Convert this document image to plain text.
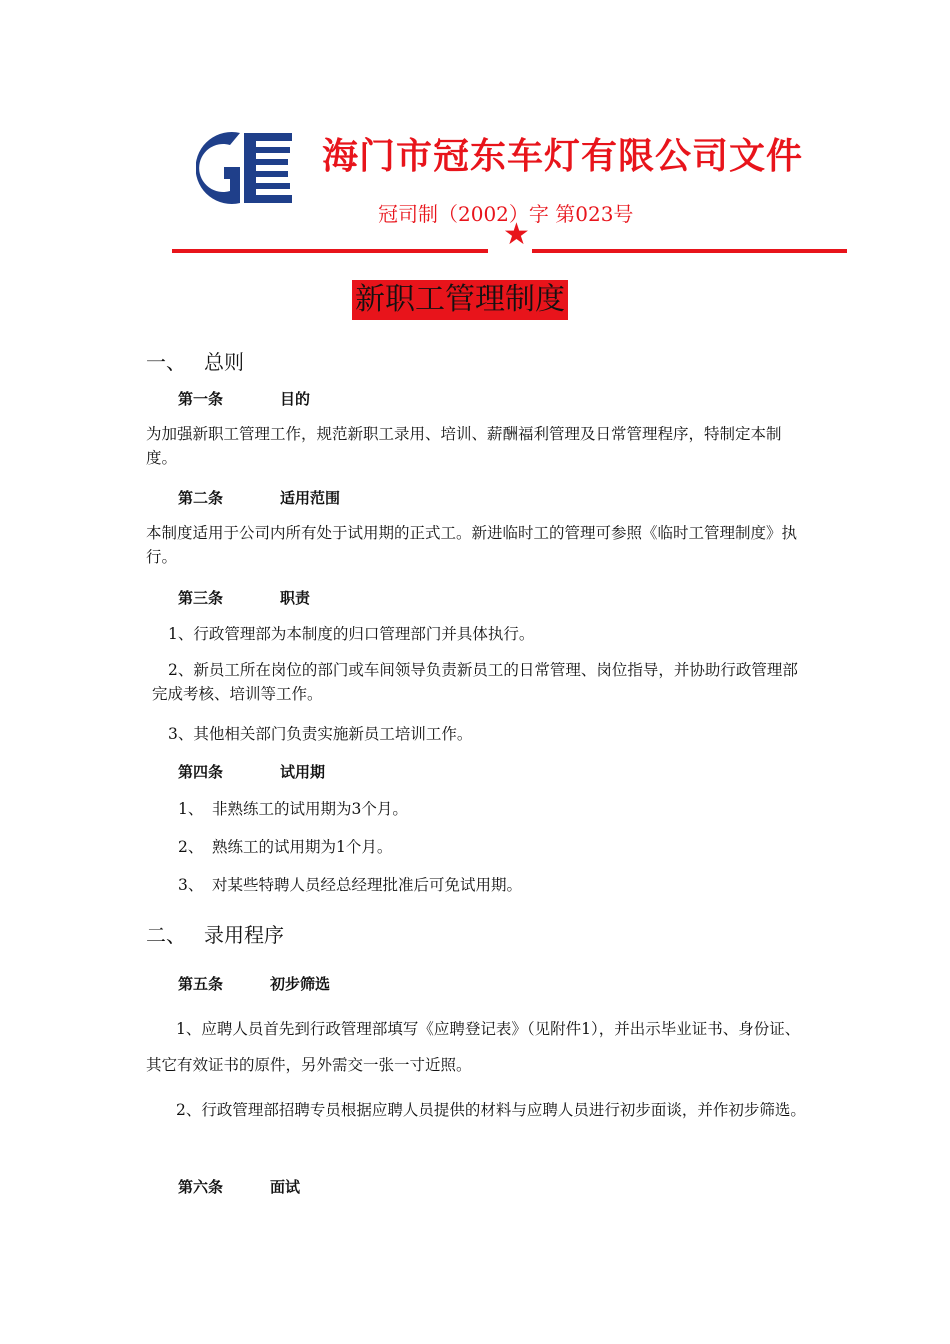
海门市冠东车灯有限公司文件
冠司制（2002）字 第023号
★
新职工管理制度
一、 总则
第一条	目的
为加强新职工管理工作，规范新职工录用、培训、薪酬福利管理及日常管理程序，特制定本制度。
第二条	适用范围
本制度适用于公司内所有处于试用期的正式工。新进临时工的管理可参照《临时工管理制度》执行。
第三条	职责
1、行政管理部为本制度的归口管理部门并具体执行。
2、新员工所在岗位的部门或车间领导负责新员工的日常管理、岗位指导，并协助行政管理部完成考核、培训等工作。
3、其他相关部门负责实施新员工培训工作。
第四条	试用期
1、 非熟练工的试用期为3个月。
2、 熟练工的试用期为1个月。
3、 对某些特聘人员经总经理批准后可免试用期。
二、 录用程序
第五条	初步筛选
1、应聘人员首先到行政管理部填写《应聘登记表》（见附件1），并出示毕业证书、身份证、其它有效证书的原件，另外需交一张一寸近照。
2、行政管理部招聘专员根据应聘人员提供的材料与应聘人员进行初步面谈，并作初步筛选。
第六条	面试
